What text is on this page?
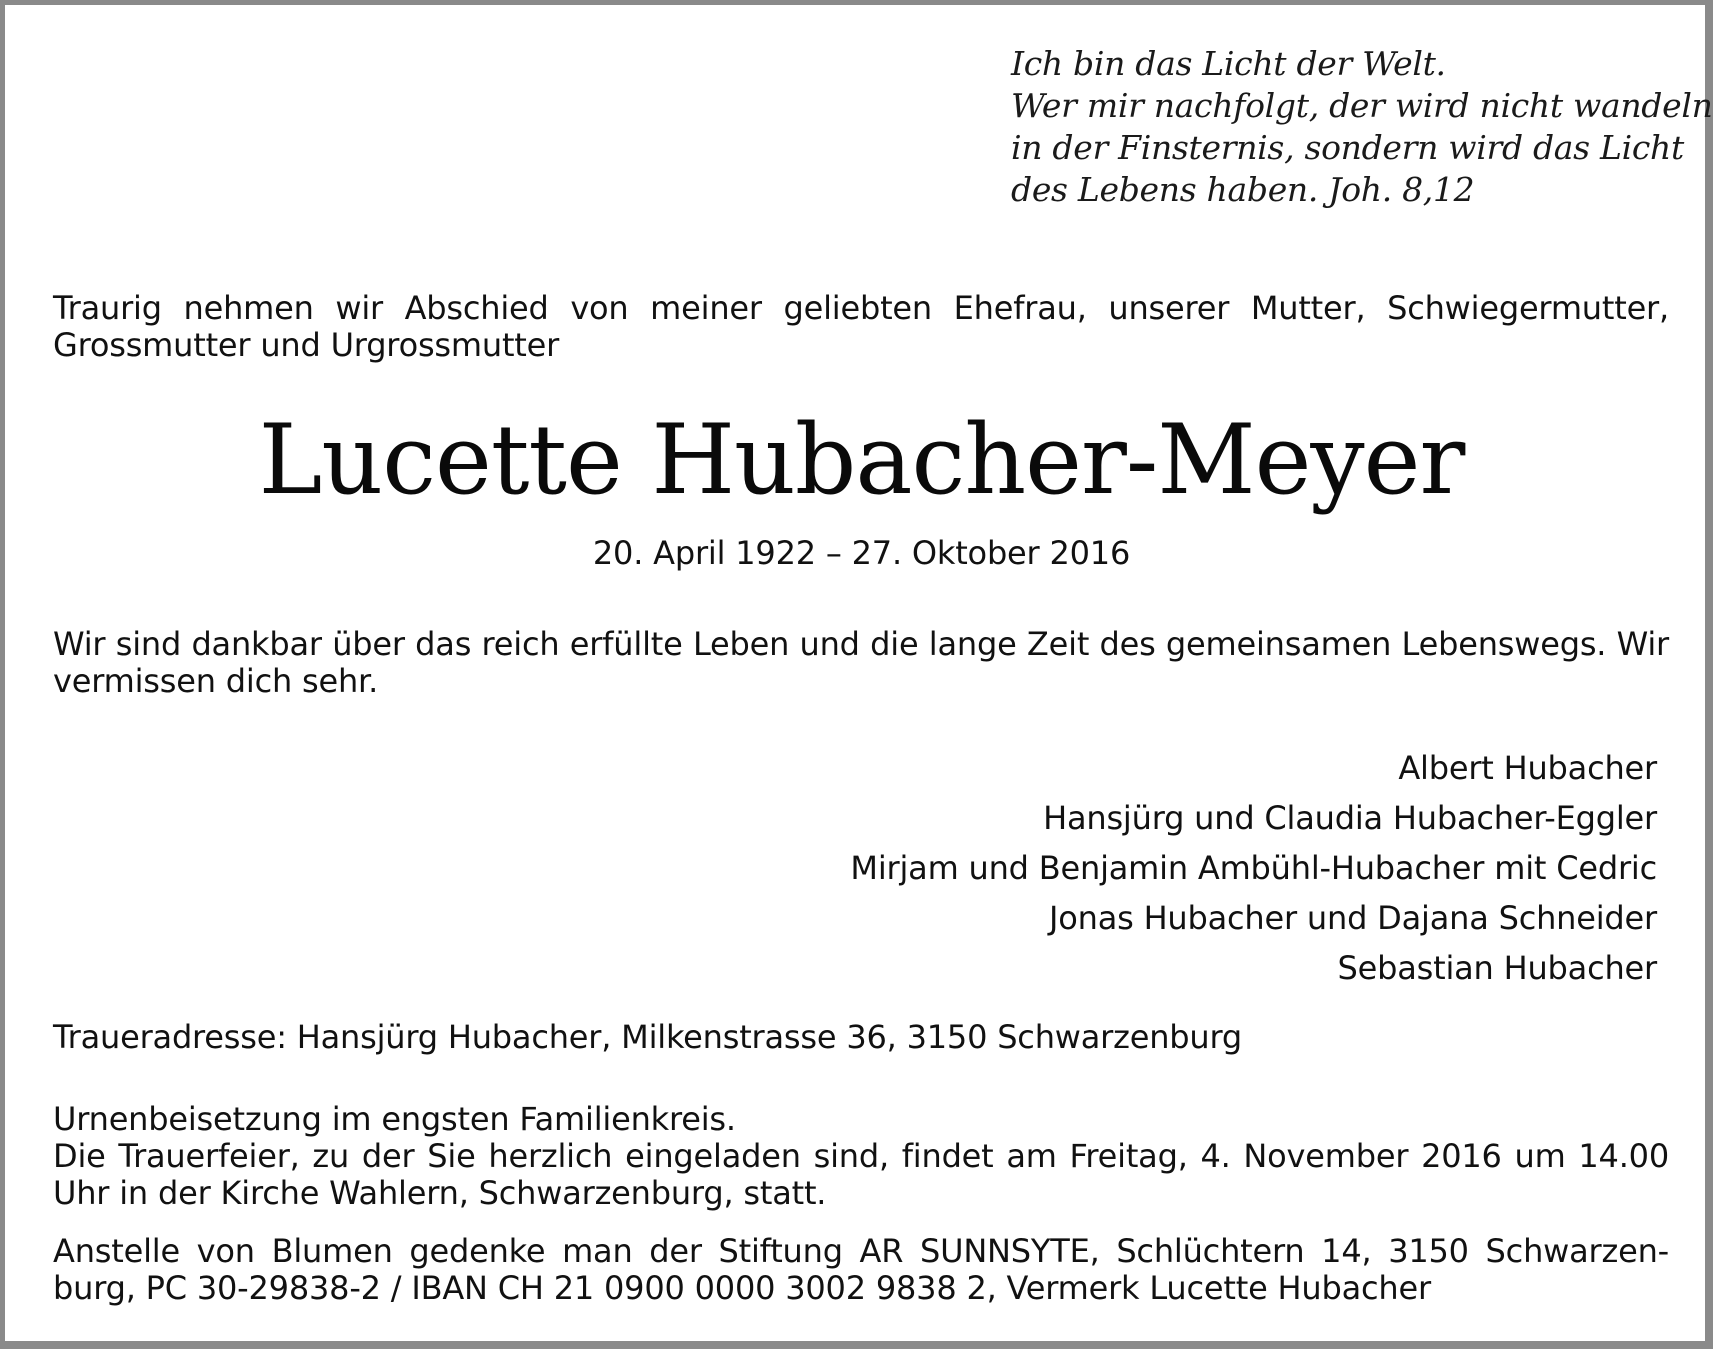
Ich bin das Licht der Welt.
Wer mir nachfolgt, der wird nicht wandeln
in der Finsternis, sondern wird das Licht
des Lebens haben. Joh. 8,12
Traurig nehmen wir Abschied von meiner geliebten Ehefrau, unserer Mutter, Schwiegermutter, Grossmutter und Urgrossmutter
Lucette Hubacher-Meyer
20. April 1922 – 27. Oktober 2016
Wir sind dankbar über das reich erfüllte Leben und die lange Zeit des gemeinsamen Lebenswegs. Wir vermissen dich sehr.
Albert Hubacher
Hansjürg und Claudia Hubacher-Eggler
Mirjam und Benjamin Ambühl-Hubacher mit Cedric
Jonas Hubacher und Dajana Schneider
Sebastian Hubacher
Traueradresse: Hansjürg Hubacher, Milkenstrasse 36, 3150 Schwarzenburg
Urnenbeisetzung im engsten Familienkreis.
Die Trauerfeier, zu der Sie herzlich eingeladen sind, findet am Freitag, 4. November 2016 um 14.00 Uhr in der Kirche Wahlern, Schwarzenburg, statt.
Anstelle von Blumen gedenke man der Stiftung AR SUNNSYTE, Schlüchtern 14, 3150 Schwarzen-burg, PC 30-29838-2 / IBAN CH 21 0900 0000 3002 9838 2, Vermerk Lucette Hubacher
